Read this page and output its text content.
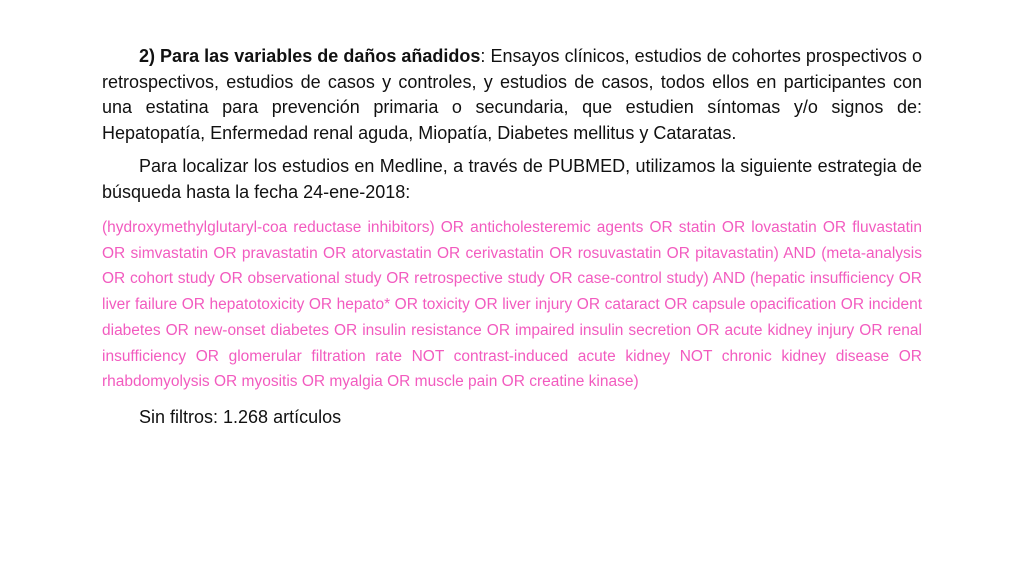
2) Para las variables de daños añadidos: Ensayos clínicos, estudios de cohortes prospectivos o retrospectivos, estudios de casos y controles, y estudios de casos, todos ellos en participantes con una estatina para prevención primaria o secundaria, que estudien síntomas y/o signos de: Hepatopatía, Enfermedad renal aguda, Miopatía, Diabetes mellitus y Cataratas.

Para localizar los estudios en Medline, a través de PUBMED, utilizamos la siguiente estrategia de búsqueda hasta la fecha 24-ene-2018:

(hydroxymethylglutaryl-coa reductase inhibitors) OR anticholesteremic agents OR statin OR lovastatin OR fluvastatin OR simvastatin OR pravastatin OR atorvastatin OR cerivastatin OR rosuvastatin OR pitavastatin) AND (meta-analysis OR cohort study OR observational study OR retrospective study OR case-control study) AND (hepatic insufficiency OR liver failure OR hepatotoxicity OR hepato* OR toxicity OR liver injury OR cataract OR capsule opacification OR incident diabetes OR new-onset diabetes OR insulin resistance OR impaired insulin secretion OR acute kidney injury OR renal insufficiency OR glomerular filtration rate NOT contrast-induced acute kidney NOT chronic kidney disease OR rhabdomyolysis OR myositis OR myalgia OR muscle pain OR creatine kinase)

Sin filtros: 1.268 artículos
